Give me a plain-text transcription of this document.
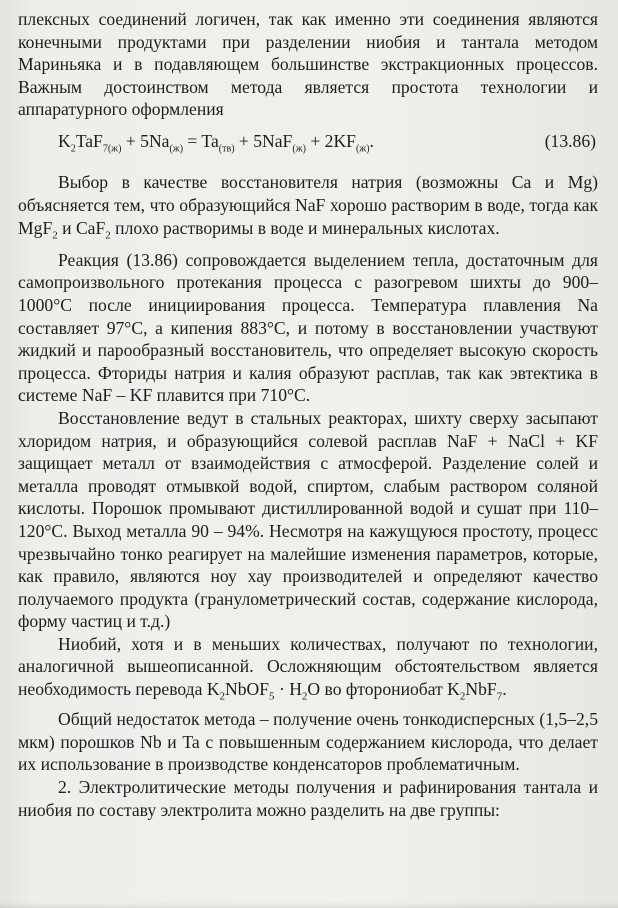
плексных соединений логичен, так как именно эти соединения являются конечными продуктами при разделении ниобия и тантала методом Мариньяка и в подавляющем большинстве экстракционных процессов. Важным достоинством метода является простота технологии и аппаратурного оформления

$K_2TaF_{7(ж)} + 5Na_{(ж)} = Ta_{(тв)} + 5NaF_{(ж)} + 2KF_{(ж)}$.	(13.86)

Выбор в качестве восстановителя натрия (возможны Ca и Mg) объясняется тем, что образующийся NaF хорошо растворим в воде, тогда как MgF$_2$ и CaF$_2$ плохо растворимы в воде и минеральных кислотах.

Реакция (13.86) сопровождается выделением тепла, достаточным для самопроизвольного протекания процесса с разогревом шихты до 900–1000°С после инициирования процесса. Температура плавления Na составляет 97°С, а кипения 883°С, и потому в восстановлении участвуют жидкий и парообразный восстановитель, что определяет высокую скорость процесса. Фториды натрия и калия образуют расплав, так как эвтектика в системе NaF – KF плавится при 710°С.

Восстановление ведут в стальных реакторах, шихту сверху засыпают хлоридом натрия, и образующийся солевой расплав NaF + NaCl + KF защищает металл от взаимодействия с атмосферой. Разделение солей и металла проводят отмывкой водой, спиртом, слабым раствором соляной кислоты. Порошок промывают дистиллированной водой и сушат при 110–120°С. Выход металла 90 – 94%. Несмотря на кажущуюся простоту, процесс чрезвычайно тонко реагирует на малейшие изменения параметров, которые, как правило, являются ноу хау производителей и определяют качество получаемого продукта (гранулометрический состав, содержание кислорода, форму частиц и т.д.)

Ниобий, хотя и в меньших количествах, получают по технологии, аналогичной вышеописанной. Осложняющим обстоятельством является необходимость перевода $K_2NbOF_5 \cdot H_2O$ во фторониобат $K_2NbF_7$.

Общий недостаток метода – получение очень тонкодисперсных (1,5–2,5 мкм) порошков Nb и Ta с повышенным содержанием кислорода, что делает их использование в производстве конденсаторов проблематичным.

2. Электролитические методы получения и рафинирования тантала и ниобия по составу электролита можно разделить на две группы:
